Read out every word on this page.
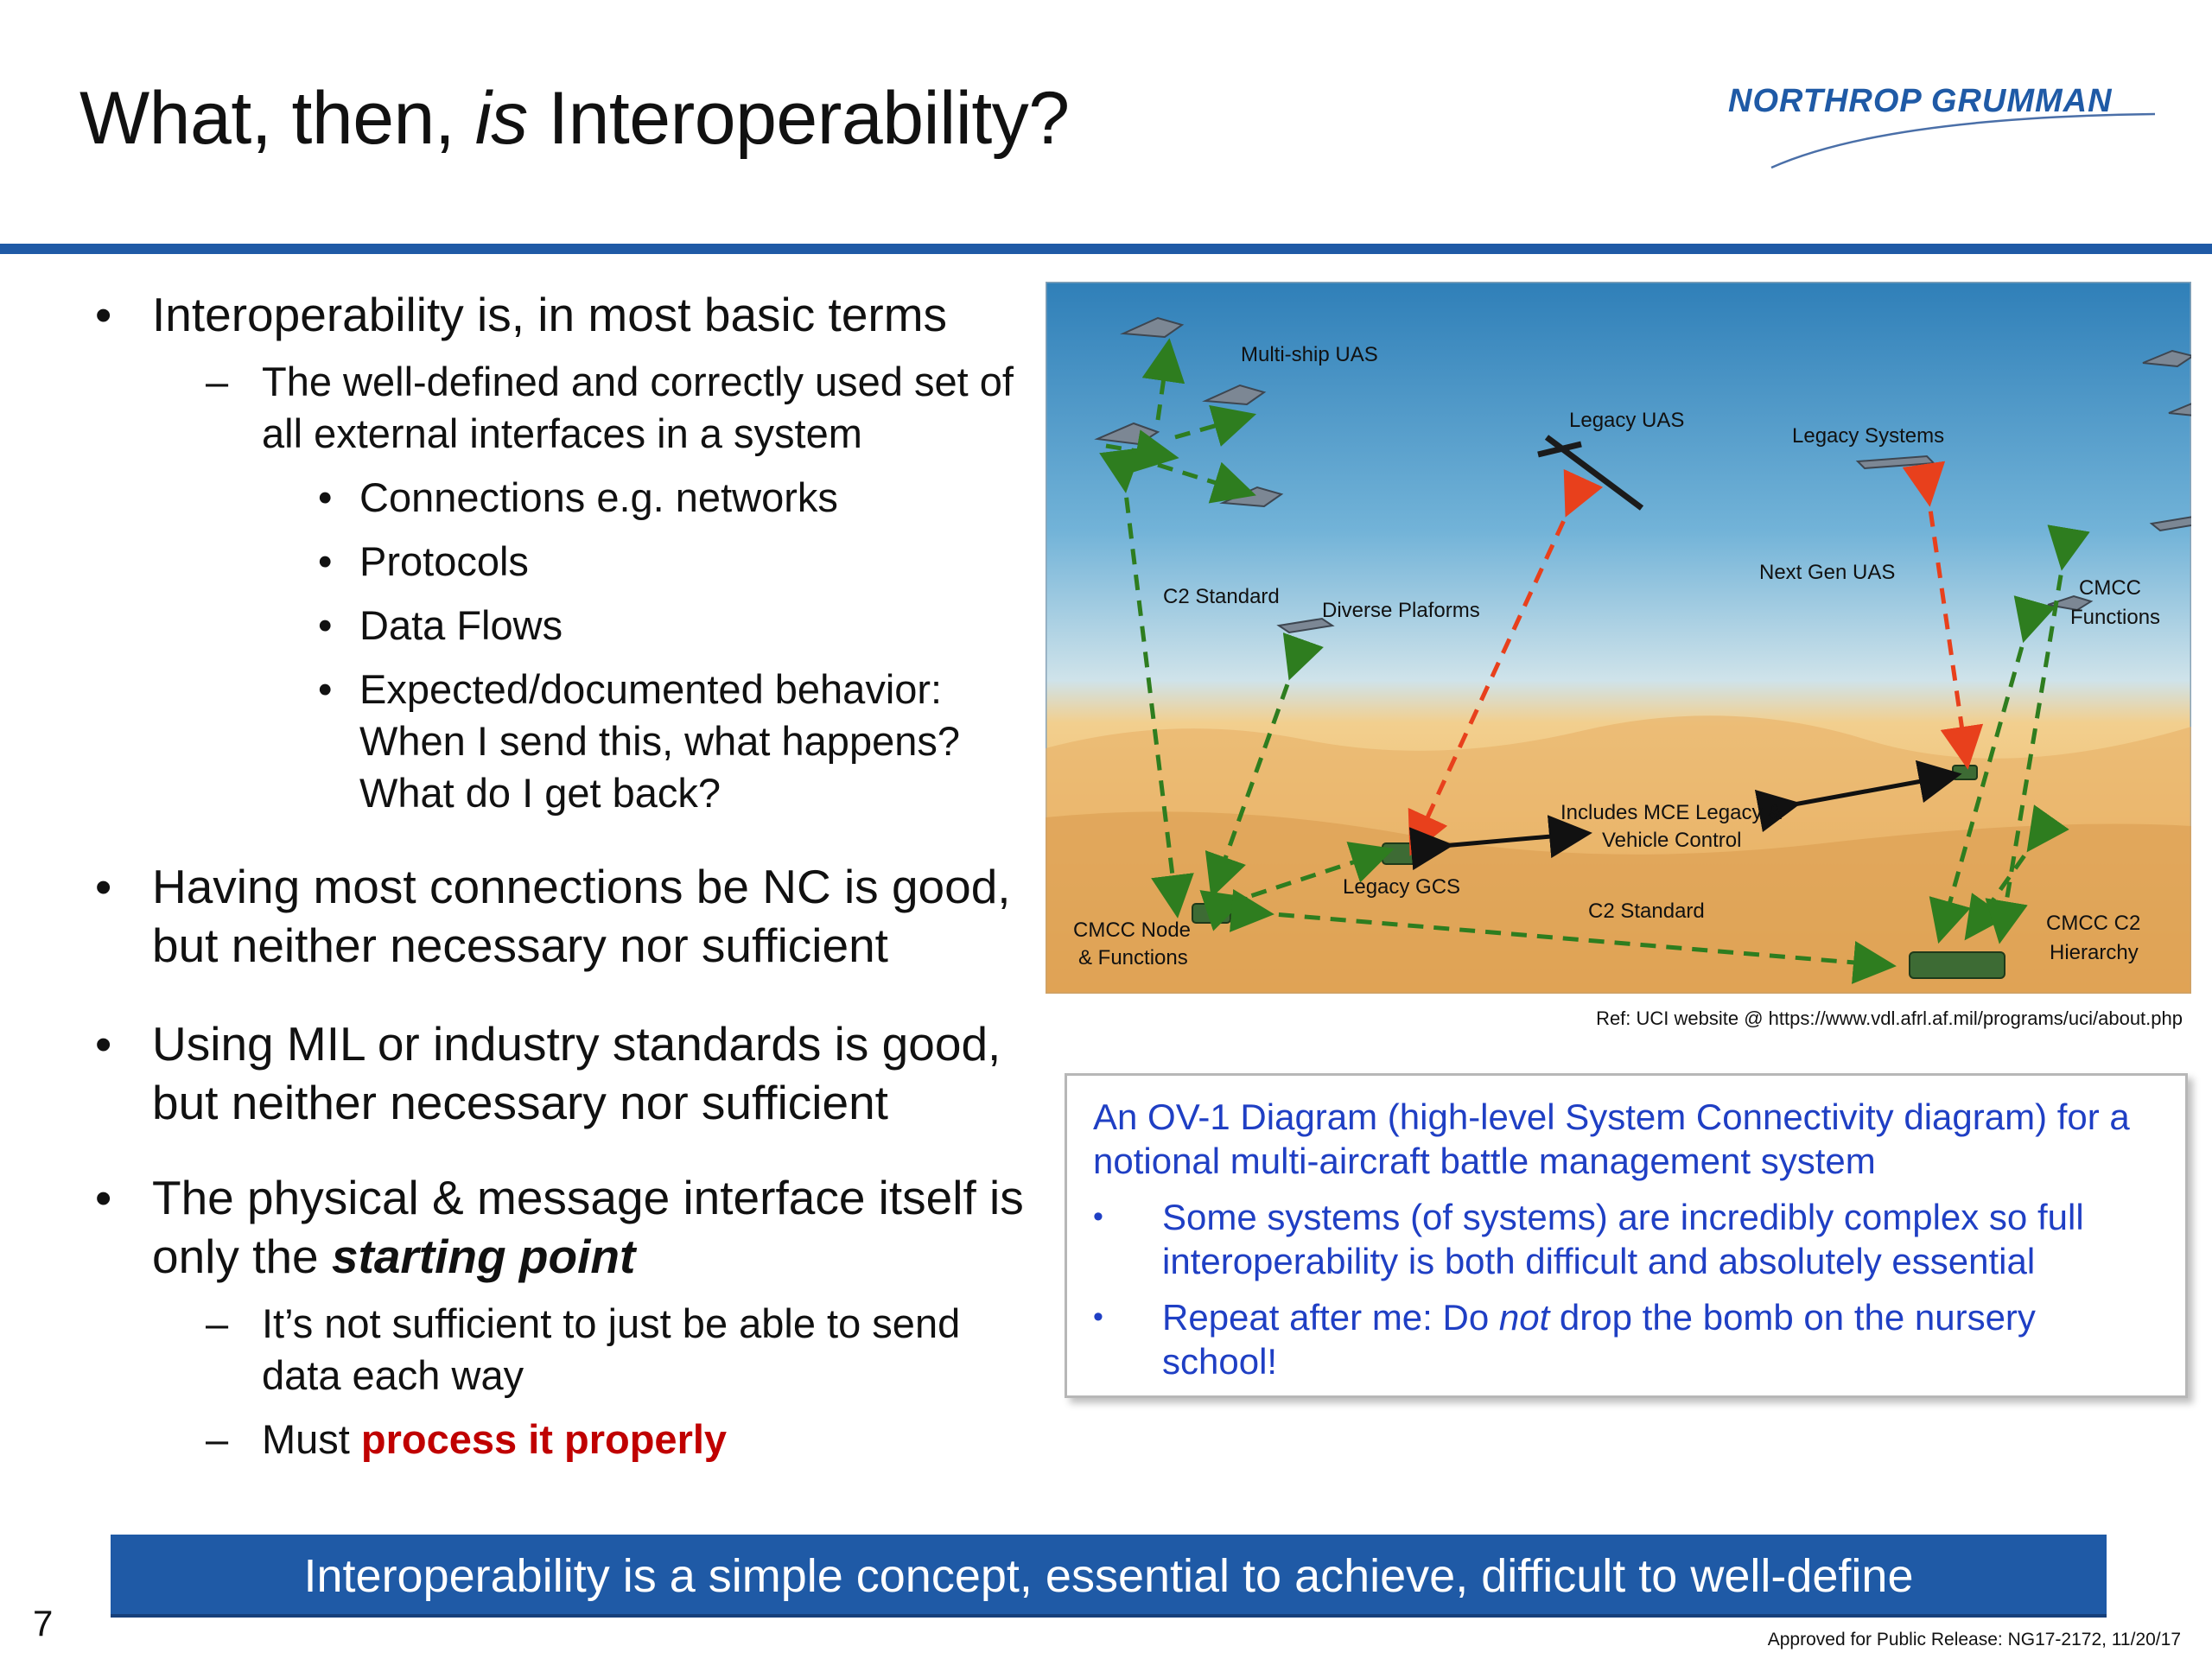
What, then, is Interoperability?	NORTHROP GRUMMAN
• Interoperability is, in most basic terms
– The well-defined and correctly used set of all external interfaces in a system
• Connections e.g. networks
• Protocols
• Data Flows
• Expected/documented behavior: When I send this, what happens? What do I get back?
• Having most connections be NC is good, but neither necessary nor sufficient
• Using MIL or industry standards is good, but neither necessary nor sufficient
• The physical & message interface itself is only the starting point
– It’s not sufficient to just be able to send data each way
– Must process it properly
Multi-ship UAS
Legacy UAS
Legacy Systems
C2 Standard
Diverse Plaforms
Next Gen UAS
CMCC
Functions
Includes MCE Legacy &
Vehicle Control
Legacy GCS
C2 Standard
CMCC Node
& Functions
CMCC C2
Hierarchy
Ref: UCI website @ https://www.vdl.afrl.af.mil/programs/uci/about.php
An OV-1 Diagram (high-level System Connectivity diagram) for a notional multi-aircraft battle management system
• Some systems (of systems) are incredibly complex so full interoperability is both difficult and absolutely essential
• Repeat after me: Do not drop the bomb on the nursery school!
Interoperability is a simple concept, essential to achieve, difficult to well-define
7	Approved for Public Release: NG17-2172, 11/20/17
